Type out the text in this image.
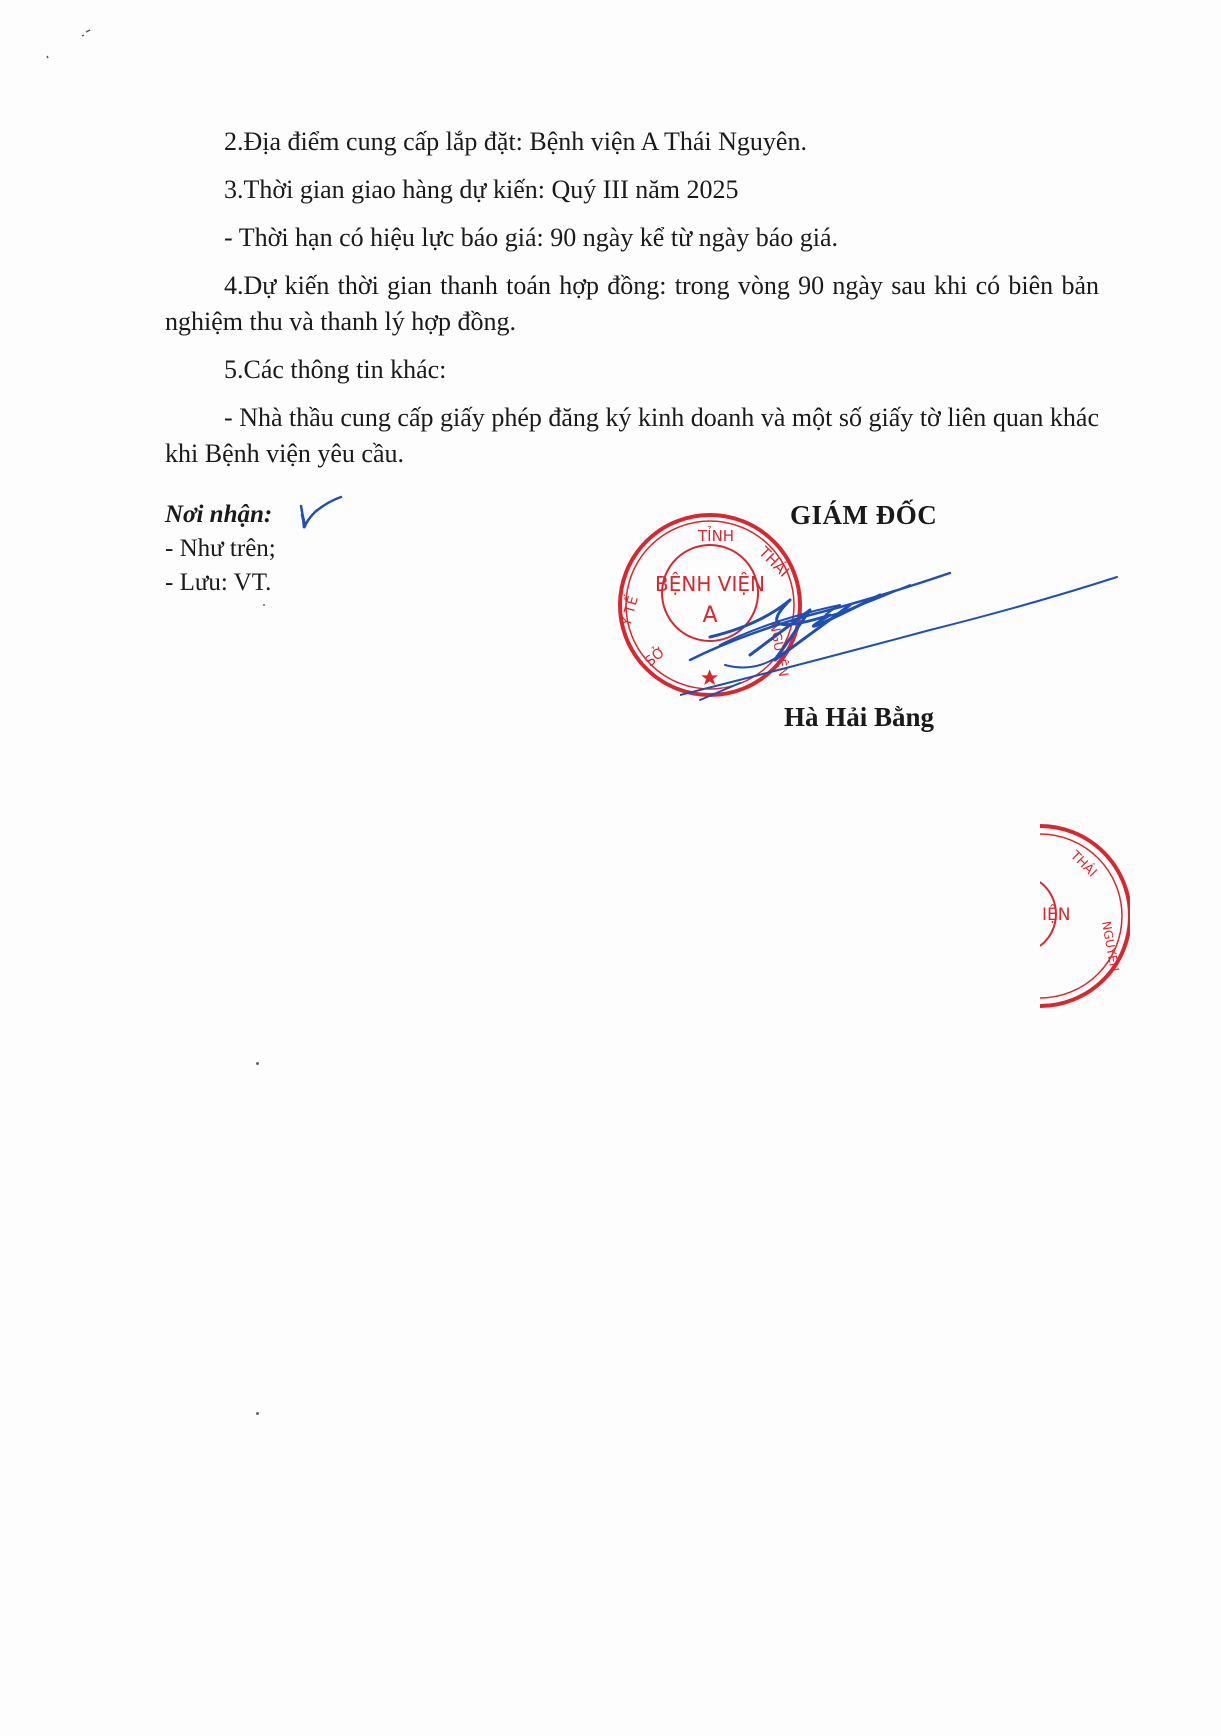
2.Địa điểm cung cấp lắp đặt: Bệnh viện A Thái Nguyên.

3.Thời gian giao hàng dự kiến: Quý III năm 2025

- Thời hạn có hiệu lực báo giá: 90 ngày kể từ ngày báo giá.

4.Dự kiến thời gian thanh toán hợp đồng: trong vòng 90 ngày sau khi có biên bản nghiệm thu và thanh lý hợp đồng.

5.Các thông tin khác:

- Nhà thầu cung cấp giấy phép đăng ký kinh doanh và một số giấy tờ liên quan khác khi Bệnh viện yêu cầu.

Nơi nhận:
- Như trên;
- Lưu: VT.
GIÁM ĐỐC
TỈNH
THÁI
NGUYÊN
Y TẾ
SỞ
BỆNH VIỆN
A
Hà Hải Bằng
THÁI
IỆN
NGUYÊN
